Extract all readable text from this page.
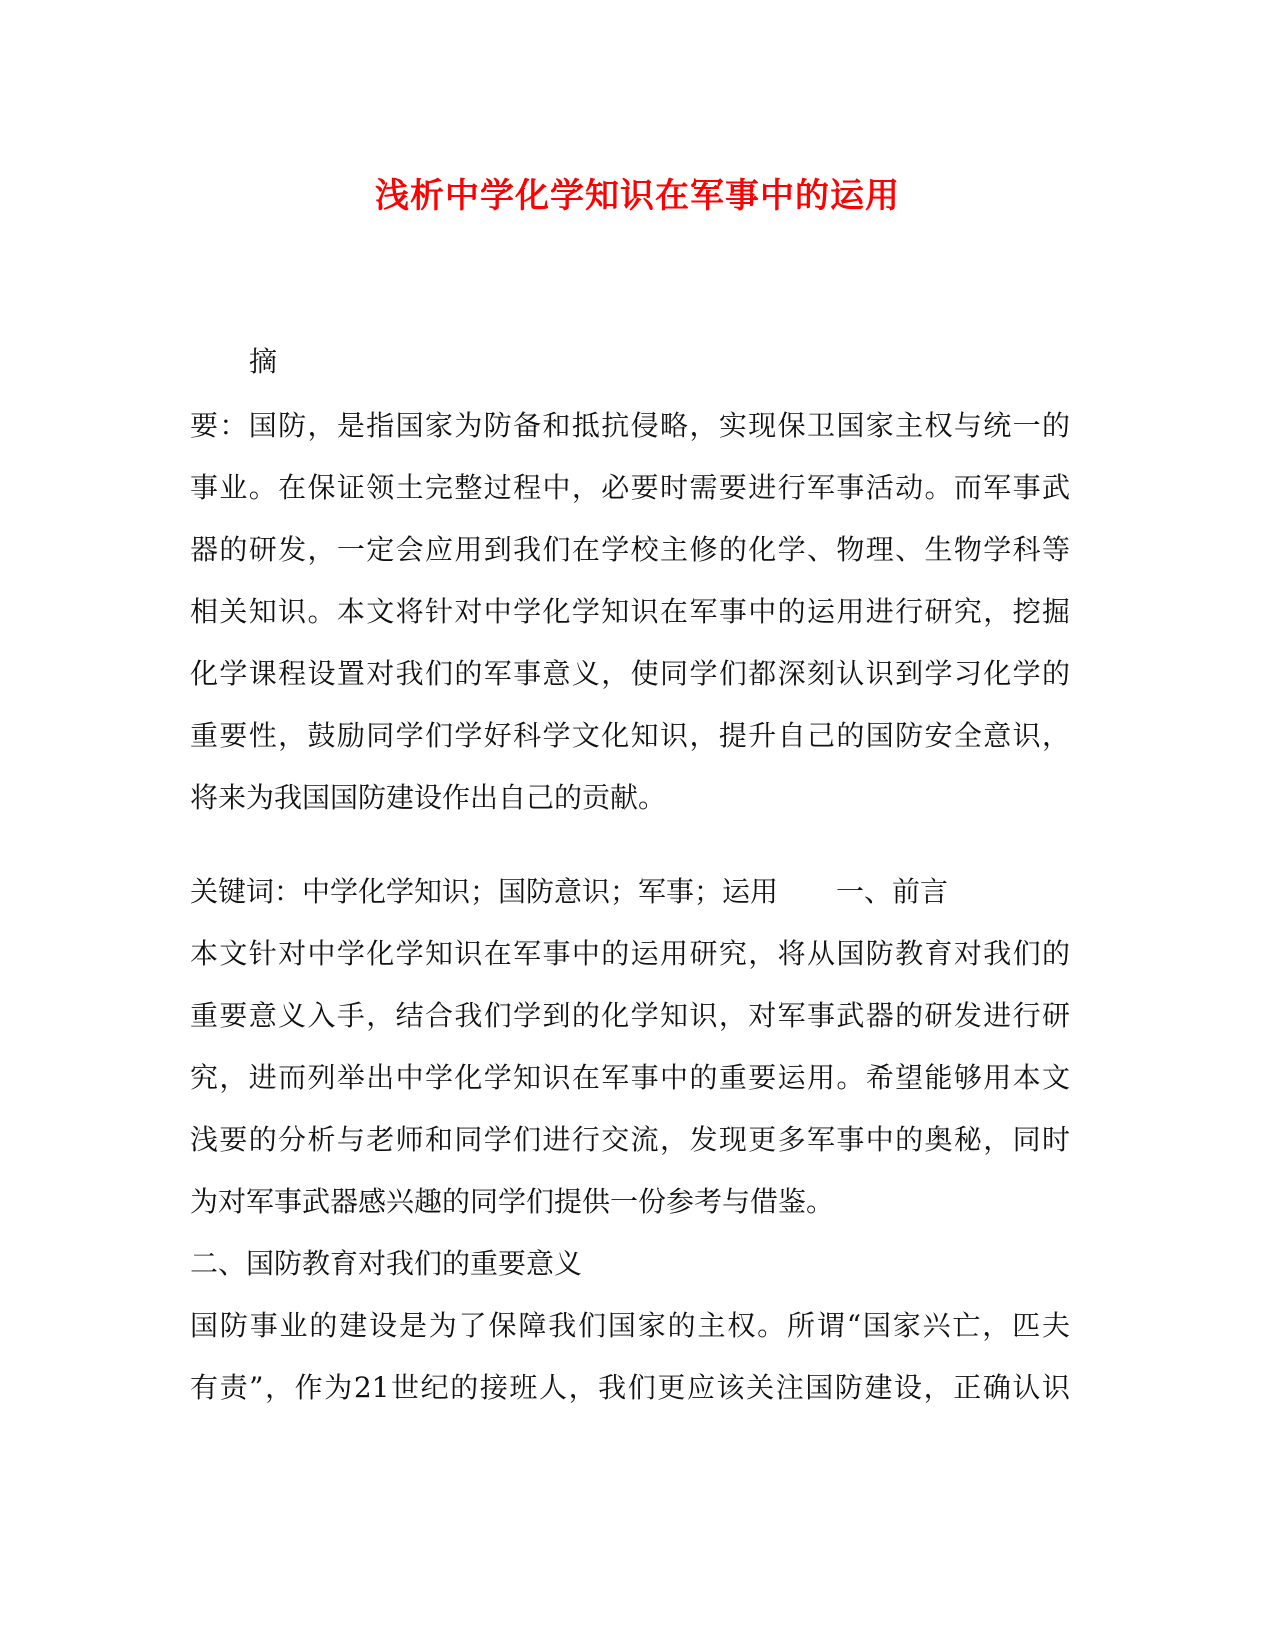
浅析中学化学知识在军事中的运用
摘
要：国防，是指国家为防备和抵抗侵略，实现保卫国家主权与统一的
事业。在保证领土完整过程中，必要时需要进行军事活动。而军事武
器的研发，一定会应用到我们在学校主修的化学、物理、生物学科等
相关知识。本文将针对中学化学知识在军事中的运用进行研究，挖掘
化学课程设置对我们的军事意义，使同学们都深刻认识到学习化学的
重要性，鼓励同学们学好科学文化知识，提升自己的国防安全意识，
将来为我国国防建设作出自己的贡献。
关键词：中学化学知识；国防意识；军事；运用 一、前言
本文针对中学化学知识在军事中的运用研究，将从国防教育对我们的
重要意义入手，结合我们学到的化学知识，对军事武器的研发进行研
究，进而列举出中学化学知识在军事中的重要运用。希望能够用本文
浅要的分析与老师和同学们进行交流，发现更多军事中的奥秘，同时
为对军事武器感兴趣的同学们提供一份参考与借鉴。
二、国防教育对我们的重要意义
国防事业的建设是为了保障我们国家的主权。所谓“国家兴亡，匹夫
有责”，作为21世纪的接班人，我们更应该关注国防建设，正确认识
